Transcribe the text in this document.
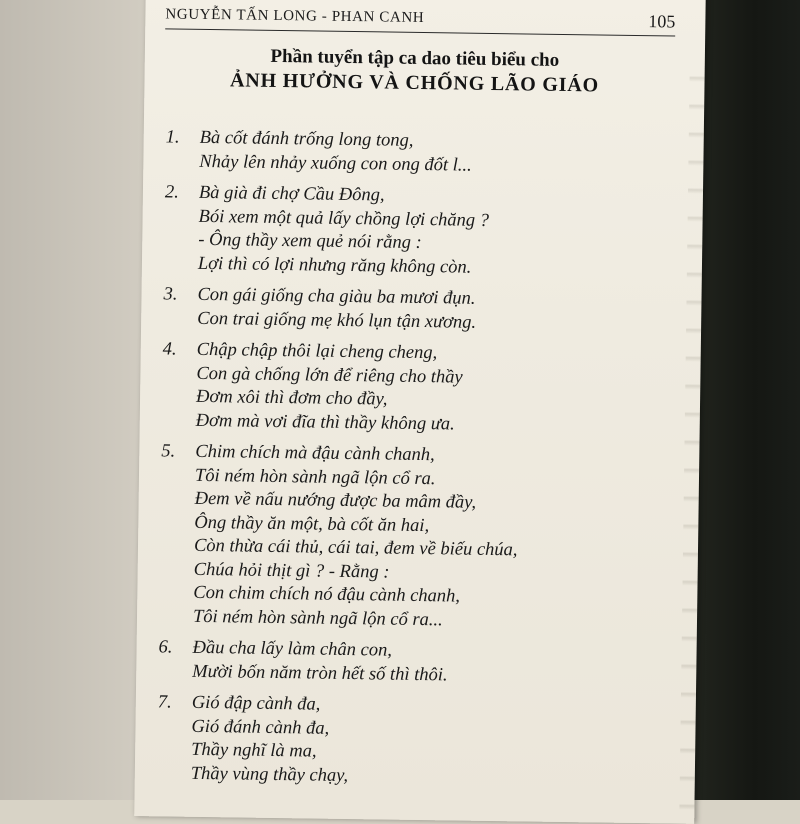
NGUYỄN TẤN LONG - PHAN CANH	105
Phần tuyển tập ca dao tiêu biểu cho
ẢNH HƯỞNG VÀ CHỐNG LÃO GIÁO
1.	Bà cốt đánh trống long tong,
Nhảy lên nhảy xuống con ong đốt l...
2.	Bà già đi chợ Cầu Đông,
Bói xem một quả lấy chồng lợi chăng ?
- Ông thầy xem quẻ nói rằng :
Lợi thì có lợi nhưng răng không còn.
3.	Con gái giống cha giàu ba mươi đụn.
Con trai giống mẹ khó lụn tận xương.
4.	Chập chập thôi lại cheng cheng,
Con gà chống lớn để riêng cho thầy
Đơm xôi thì đơm cho đầy,
Đơm mà vơi đĩa thì thầy không ưa.
5.	Chim chích mà đậu cành chanh,
Tôi ném hòn sành ngã lộn cổ ra.
Đem về nấu nướng được ba mâm đầy,
Ông thầy ăn một, bà cốt ăn hai,
Còn thừa cái thủ, cái tai, đem về biếu chúa,
Chúa hỏi thịt gì ? - Rằng :
Con chim chích nó đậu cành chanh,
Tôi ném hòn sành ngã lộn cổ ra...
6.	Đầu cha lấy làm chân con,
Mười bốn năm tròn hết số thì thôi.
7.	Gió đập cành đa,
Gió đánh cành đa,
Thầy nghĩ là ma,
Thầy vùng thầy chạy,
